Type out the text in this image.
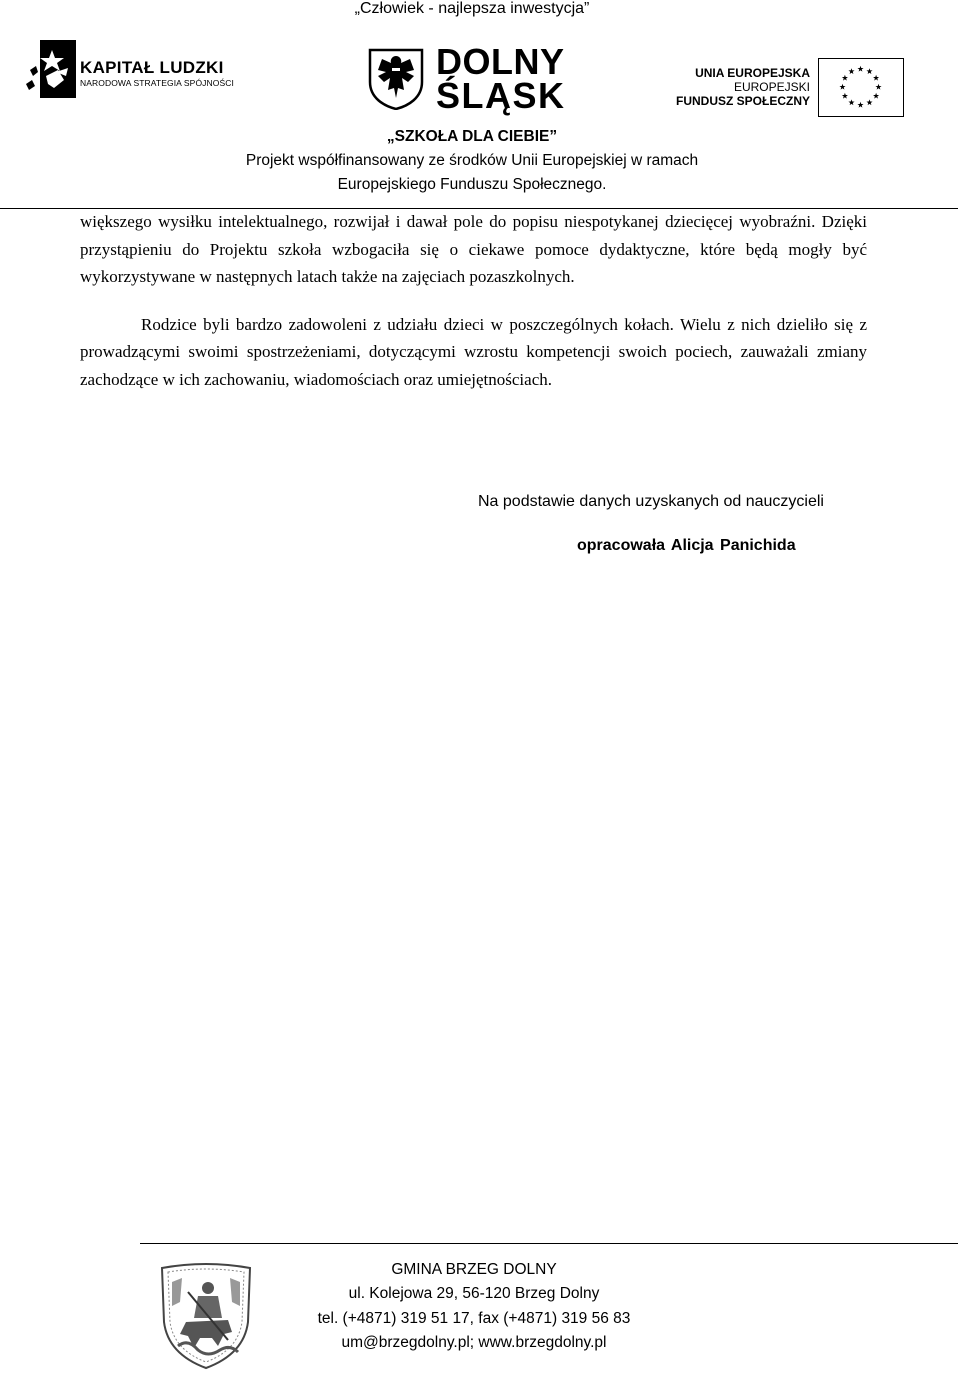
„Człowiek - najlepsza inwestycja”
KAPITAŁ LUDZKI
NARODOWA STRATEGIA SPÓJNOŚCI
DOLNY
ŚLĄSK
UNIA EUROPEJSKA
EUROPEJSKI
FUNDUSZ SPOŁECZNY
„SZKOŁA DLA CIEBIE”
Projekt współfinansowany ze środków Unii Europejskiej w ramach
Europejskiego Funduszu Społecznego.

większego wysiłku intelektualnego, rozwijał i dawał pole do popisu niespotykanej dziecięcej wyobraźni. Dzięki przystąpieniu do Projektu szkoła wzbogaciła się o ciekawe pomoce dydaktyczne, które będą mogły być wykorzystywane w następnych latach także na zajęciach pozaszkolnych.

Rodzice byli bardzo zadowoleni z udziału dzieci w poszczególnych kołach. Wielu z nich dzieliło się z prowadzącymi swoimi spostrzeżeniami, dotyczącymi wzrostu kompetencji swoich pociech, zauważali zmiany zachodzące w ich zachowaniu, wiadomościach oraz umiejętnościach.

Na podstawie danych uzyskanych od nauczycieli
opracowała Alicja Panichida
GMINA BRZEG DOLNY
ul. Kolejowa 29, 56-120 Brzeg Dolny
tel. (+4871) 319 51 17, fax (+4871) 319 56 83
um@brzegdolny.pl; www.brzegdolny.pl
